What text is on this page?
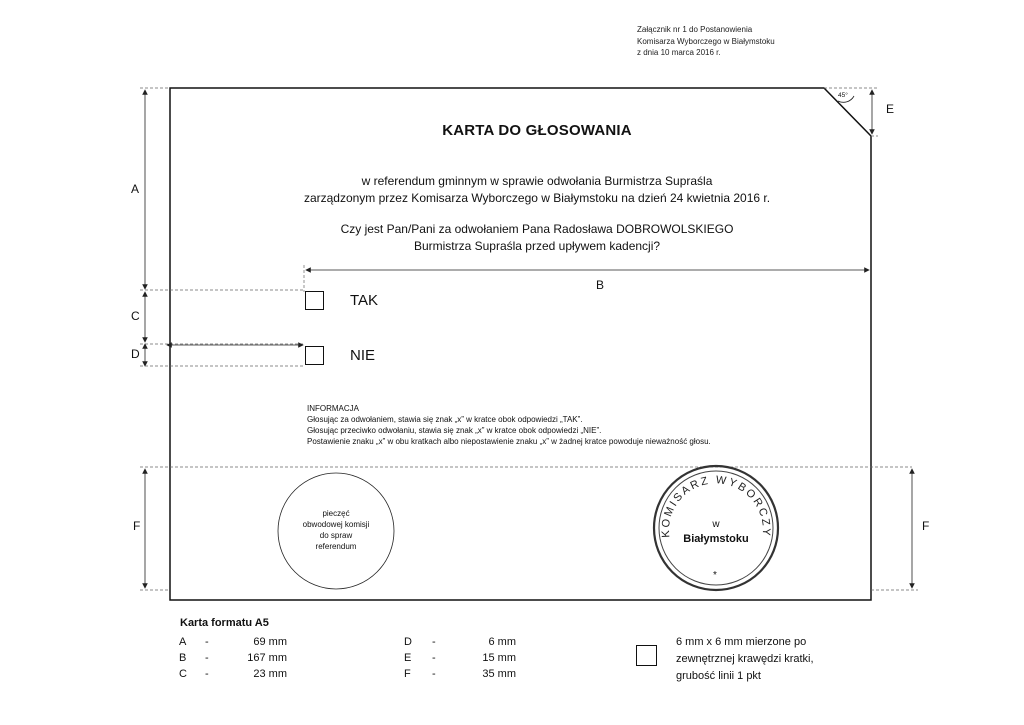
Załącznik nr 1 do Postanowienia
Komisarza Wyborczego w Białymstoku
z dnia 10 marca 2016 r.
KOMISARZ WYBORCZY
45°
A
B
C
D
E
F	F
KARTA DO GŁOSOWANIA
w referendum gminnym w sprawie odwołania Burmistrza Supraśla
zarządzonym przez Komisarza Wyborczego w Białymstoku na dzień 24 kwietnia 2016 r.
Czy jest Pan/Pani za odwołaniem Pana Radosława DOBROWOLSKIEGO
Burmistrza Supraśla przed upływem kadencji?
TAK
NIE
INFORMACJA
Głosując za odwołaniem, stawia się znak „x” w kratce obok odpowiedzi „TAK”.
Głosując przeciwko odwołaniu, stawia się znak „x” w kratce obok odpowiedzi „NIE”.
Postawienie znaku „x” w obu kratkach albo niepostawienie znaku „x” w żadnej kratce powoduje nieważność głosu.
pieczęć
obwodowej komisji
do spraw
referendum
w
Białymstoku
*
Karta formatu A5
A	-	69 mm
B	-	167 mm
C	-	23 mm
D	-	6 mm
E	-	15 mm
F	-	35 mm
6 mm x 6 mm mierzone po
zewnętrznej krawędzi kratki,
grubość linii 1 pkt
